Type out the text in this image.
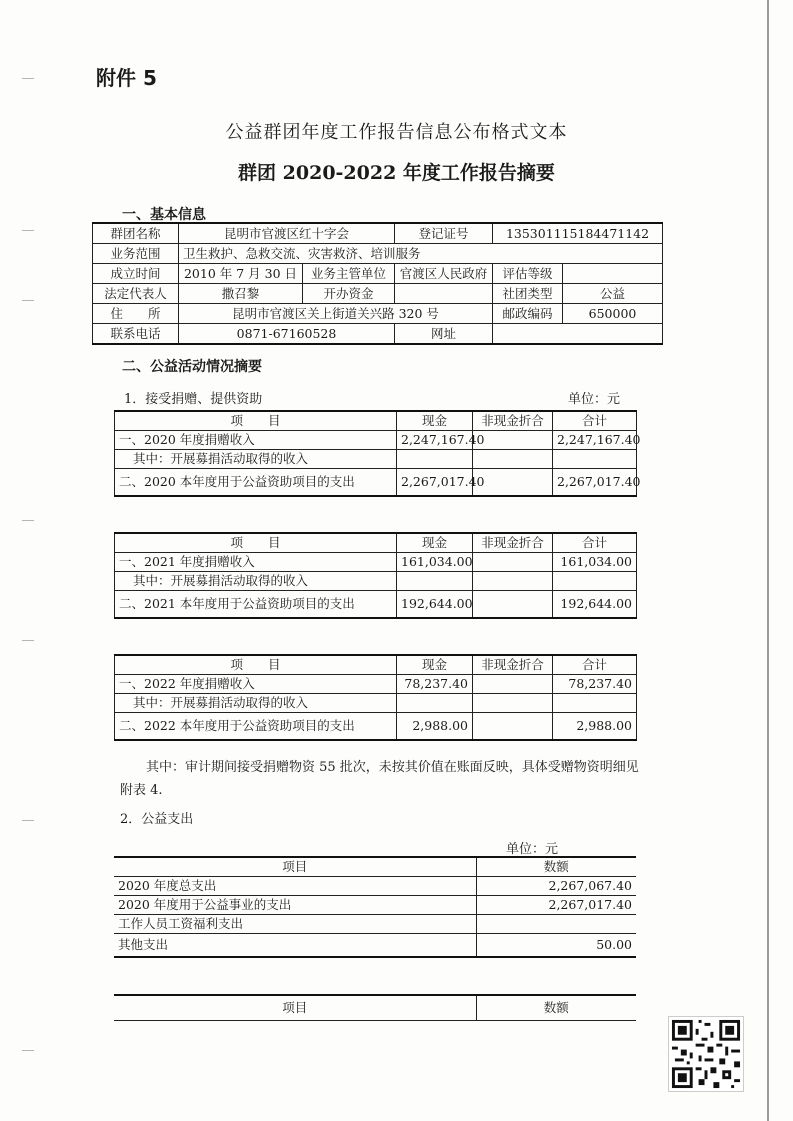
附件 5
公益群团年度工作报告信息公布格式文本
群团 2020-2022 年度工作报告摘要
一、基本信息
群团名称	昆明市官渡区红十字会		登记证号	135301115184471142	
业务范围	卫生救护、急救交流、灾害救济、培训服务				
成立时间	2010 年 7 月 30 日	业务主管单位	官渡区人民政府	评估等级	
法定代表人	撒召黎	开办资金		社团类型	公益
住　　所	昆明市官渡区关上街道关兴路 320 号			邮政编码	650000
联系电话	0871-67160528		网址		
二、公益活动情况摘要
1．接受捐赠、提供资助	单位：元
项　　目	现金	非现金折合	合计
一、2020 年度捐赠收入	2,247,167.40		2,247,167.40
其中：开展募捐活动取得的收入			
二、2020 本年度用于公益资助项目的支出	2,267,017.40		2,267,017.40
项　　目	现金	非现金折合	合计
一、2021 年度捐赠收入	161,034.00		161,034.00
其中：开展募捐活动取得的收入			
二、2021 本年度用于公益资助项目的支出	192,644.00		192,644.00
项　　目	现金	非现金折合	合计
一、2022 年度捐赠收入	78,237.40		78,237.40
其中：开展募捐活动取得的收入			
二、2022 本年度用于公益资助项目的支出	2,988.00		2,988.00
其中：审计期间接受捐赠物资 55 批次，未按其价值在账面反映，具体受赠物资明细见附表 4.
2．公益支出
单位：元
项目	数额
2020 年度总支出	2,267,067.40
2020 年度用于公益事业的支出	2,267,017.40
工作人员工资福利支出	
其他支出	50.00
项目	数额
